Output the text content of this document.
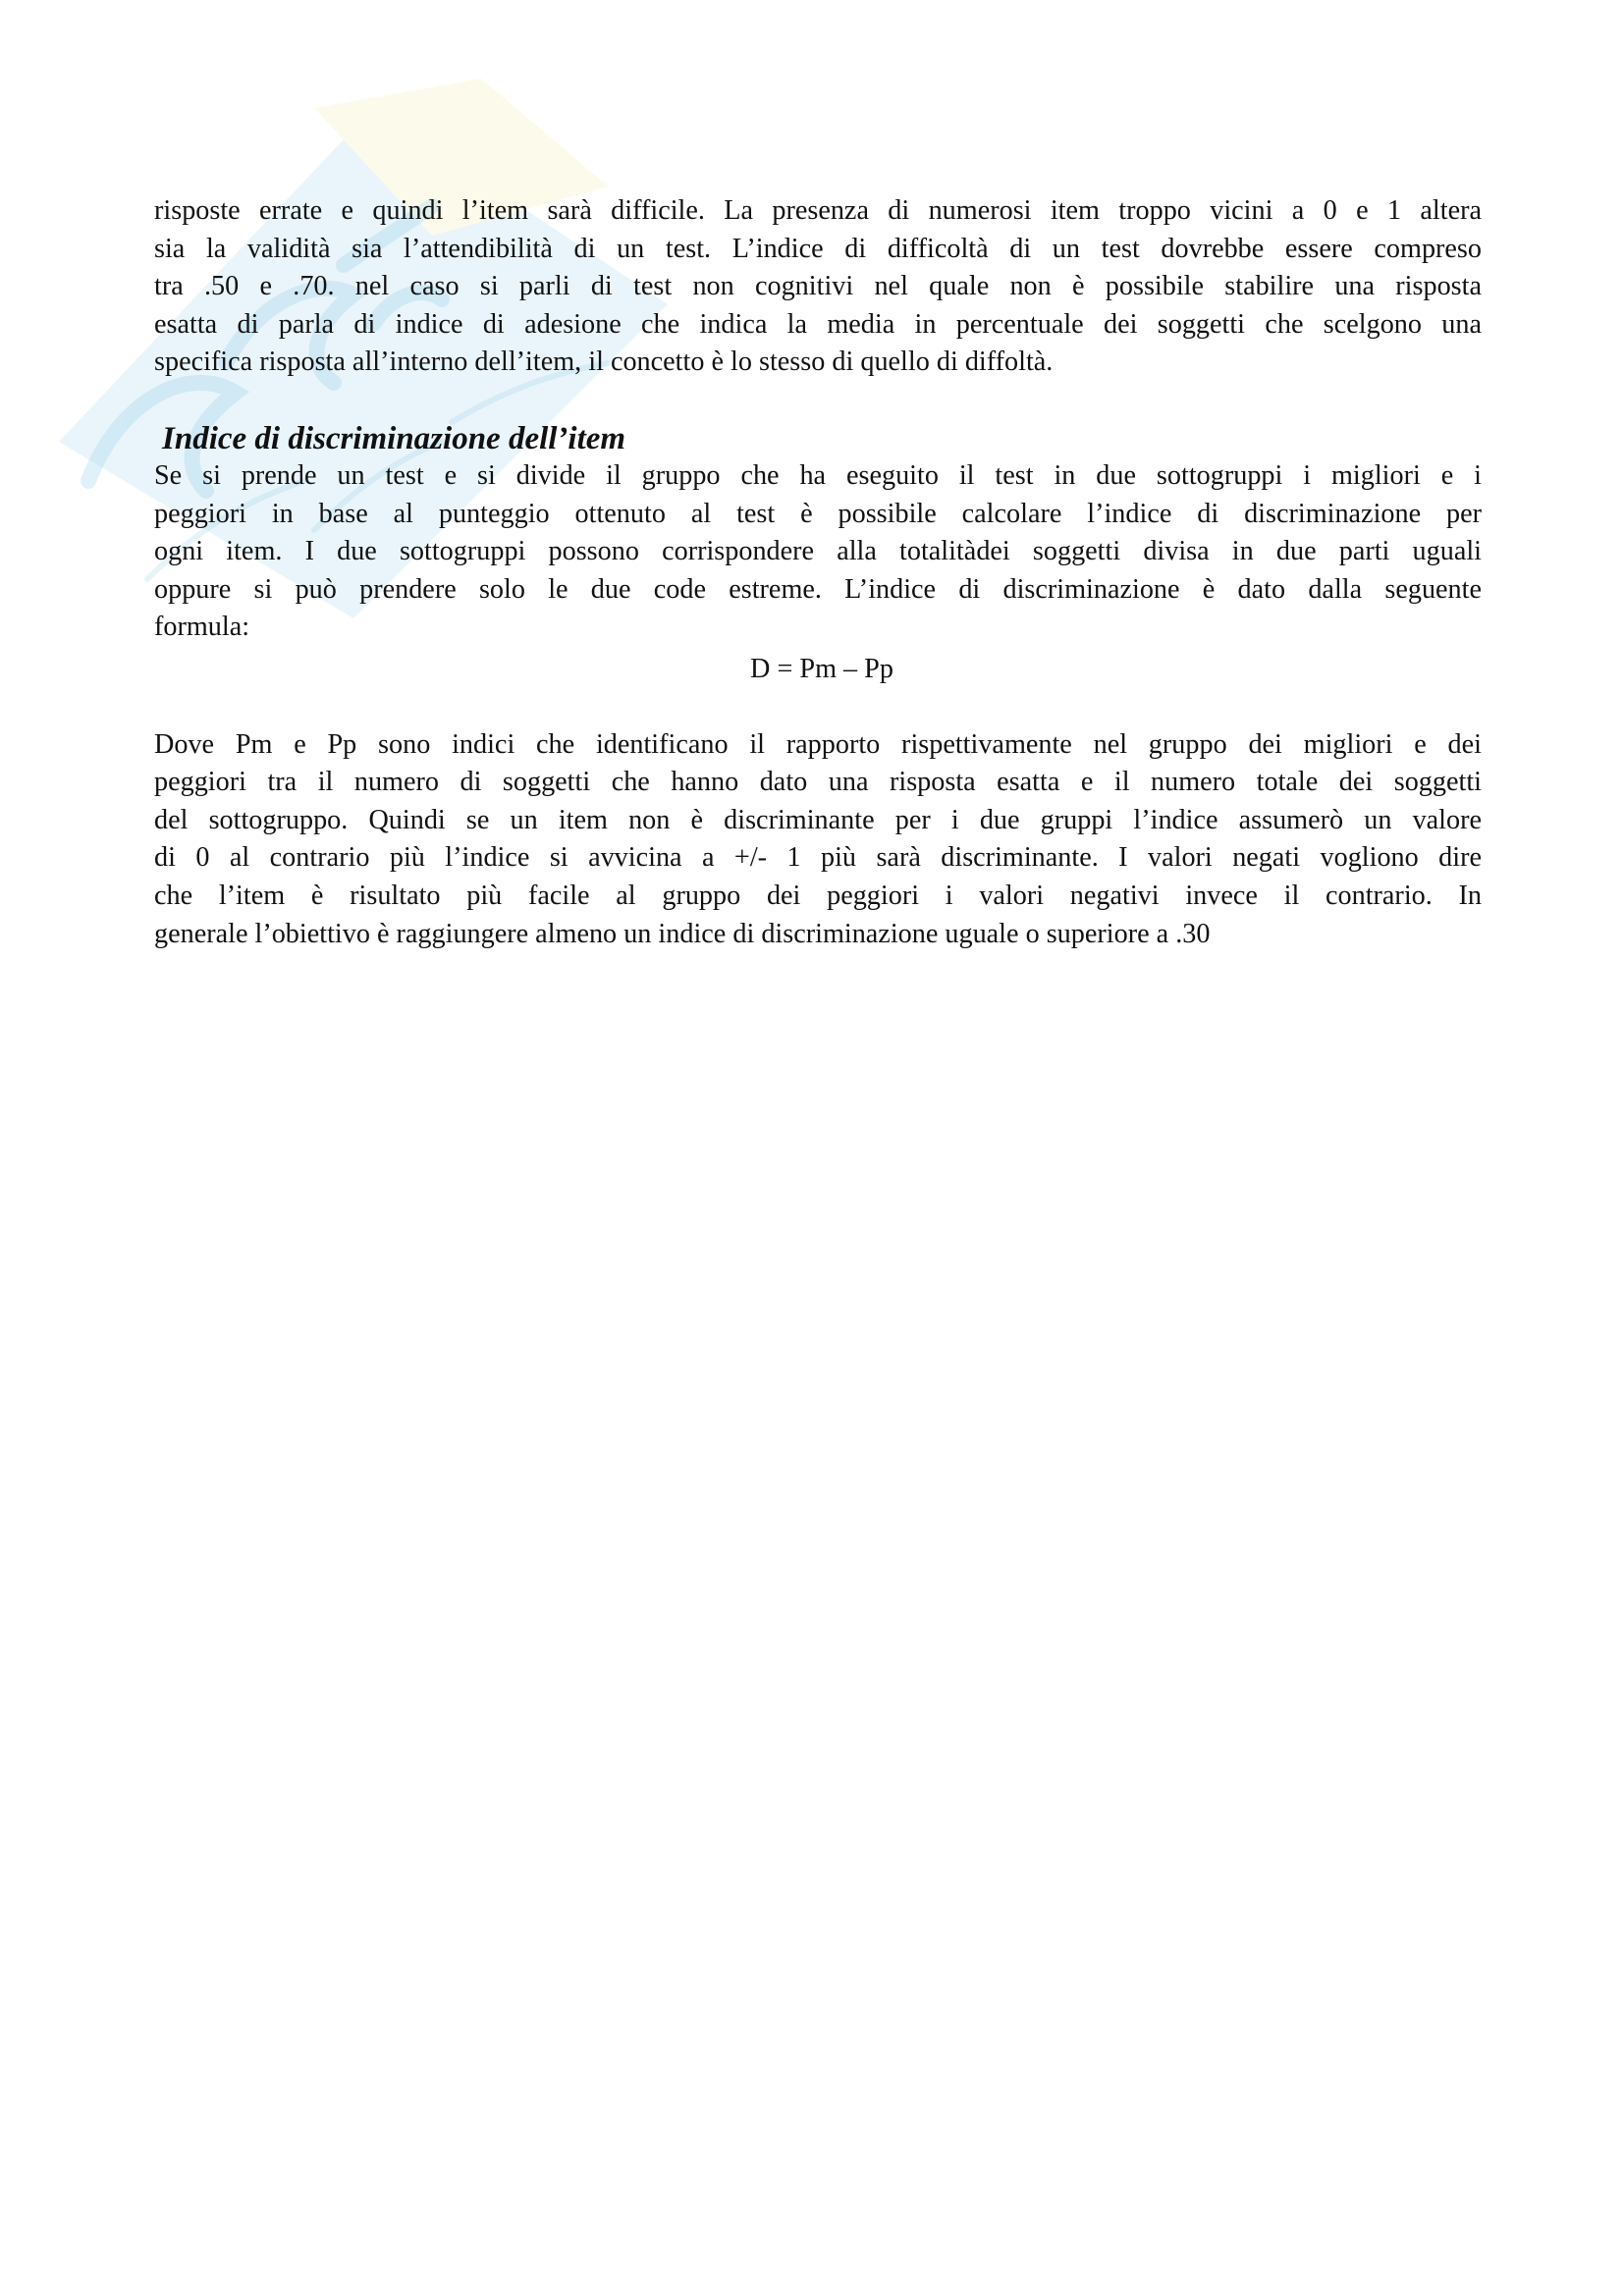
risposte errate e quindi l’item sarà difficile. La presenza di numerosi item troppo vicini a 0 e 1 altera
sia la validità sia l’attendibilità di un test. L’indice di difficoltà di un test dovrebbe essere compreso
tra .50 e .70. nel caso si parli di test non cognitivi nel quale non è possibile stabilire una risposta
esatta di parla di indice di adesione che indica la media in percentuale dei soggetti che scelgono una
specifica risposta all’interno dell’item, il concetto è lo stesso di quello di diffoltà.
Indice di discriminazione dell’item
Se si prende un test e si divide il gruppo che ha eseguito il test in due sottogruppi i migliori e i
peggiori in base al punteggio ottenuto al test è possibile calcolare l’indice di discriminazione per
ogni item. I due sottogruppi possono corrispondere alla totalitàdei soggetti divisa in due parti uguali
oppure si può prendere solo le due code estreme. L’indice di discriminazione è dato dalla seguente
formula:
D = Pm – Pp
Dove Pm e Pp sono indici che identificano il rapporto rispettivamente nel gruppo dei migliori e dei
peggiori tra il numero di soggetti che hanno dato una risposta esatta e il numero totale dei soggetti
del sottogruppo. Quindi se un item non è discriminante per i due gruppi l’indice assumerò un valore
di 0 al contrario più l’indice si avvicina a +/- 1 più sarà discriminante. I valori negati vogliono dire
che l’item è risultato più facile al gruppo dei peggiori i valori negativi invece il contrario. In
generale l’obiettivo è raggiungere almeno un indice di discriminazione uguale o superiore a .30
